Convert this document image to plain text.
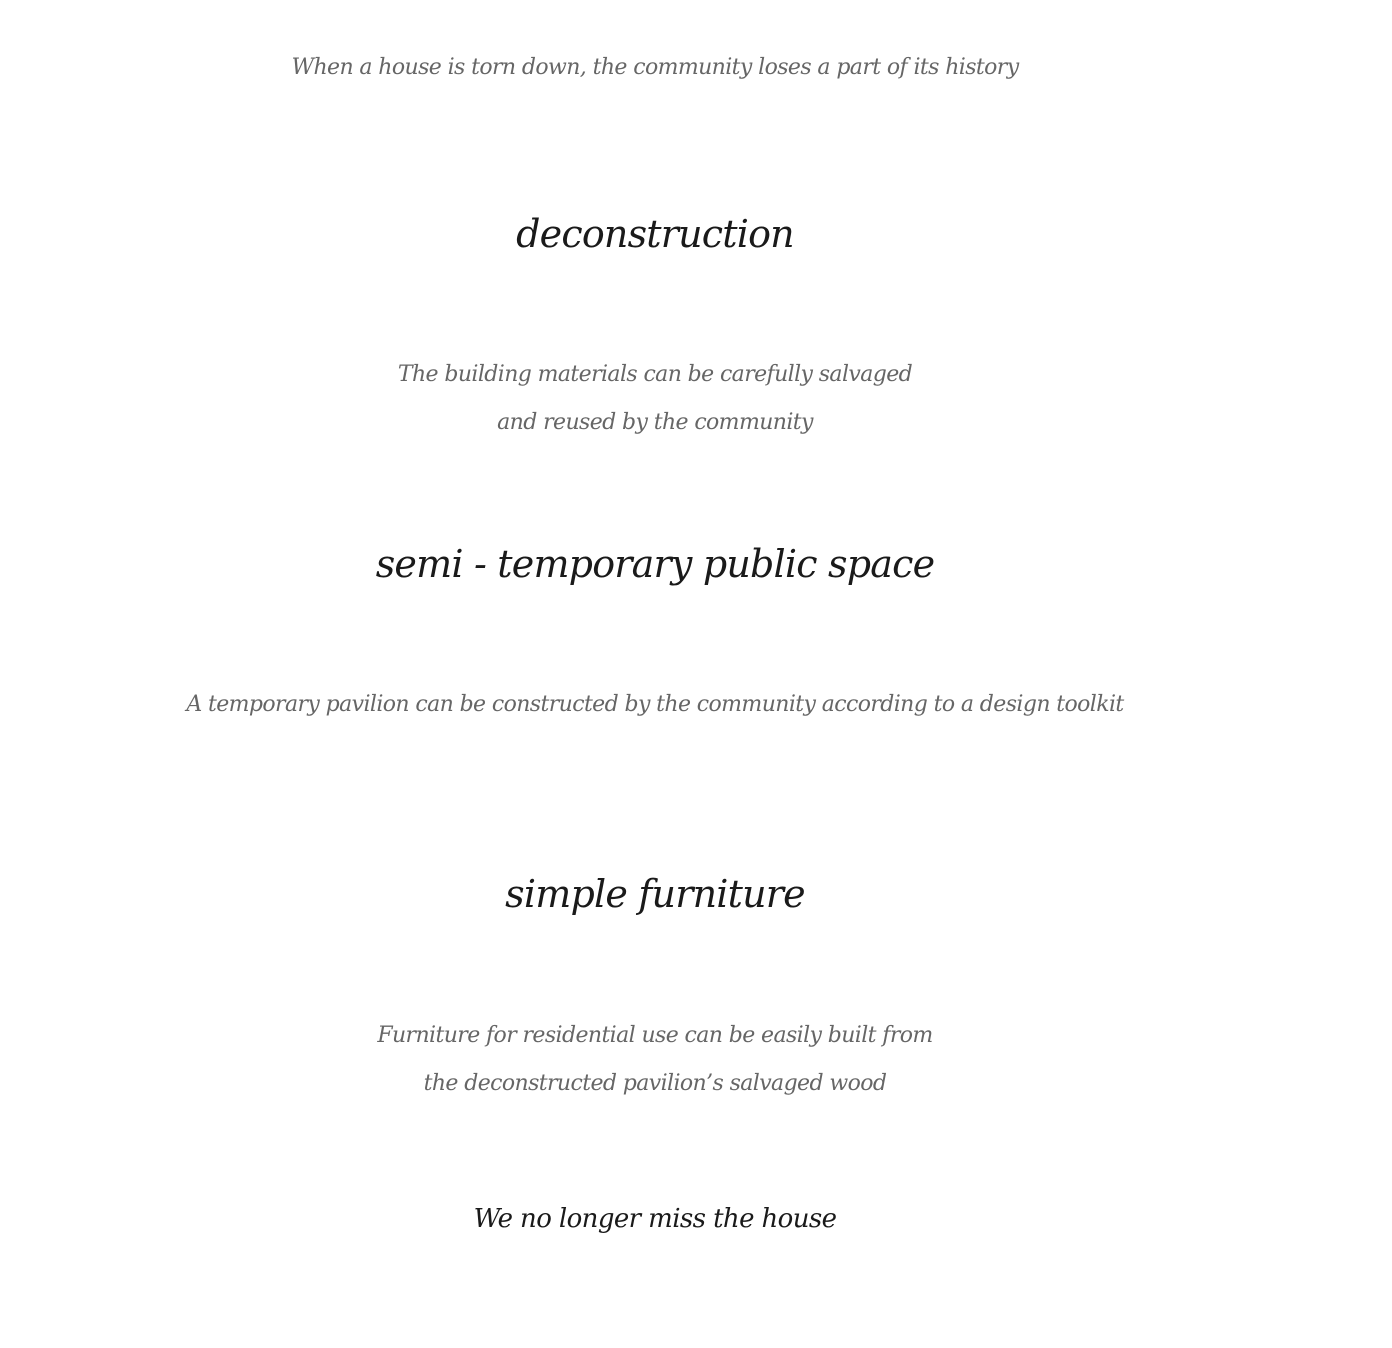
When a house is torn down, the community loses a part of its history
deconstruction
The building materials can be carefully salvaged
and reused by the community
semi - temporary public space
A temporary pavilion can be constructed by the community according to a design toolkit
simple furniture
Furniture for residential use can be easily built from
the deconstructed pavilion’s salvaged wood
We no longer miss the house
